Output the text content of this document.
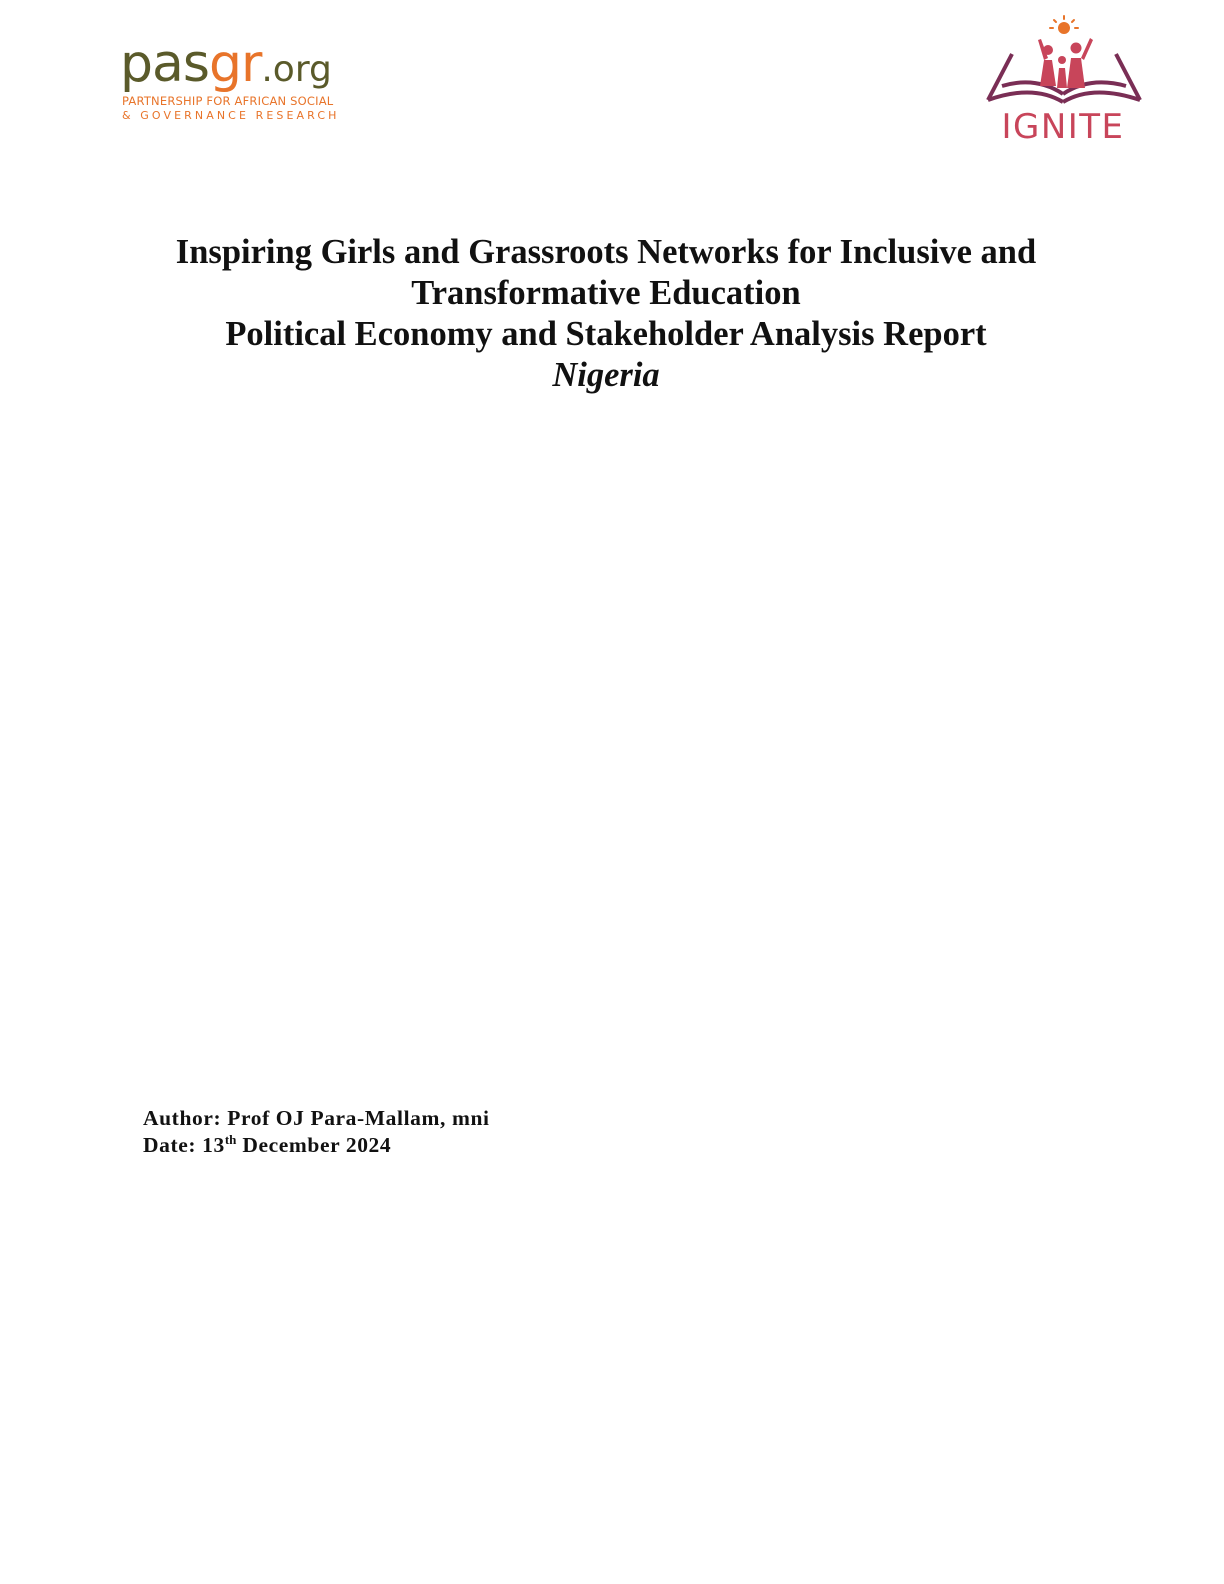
pasgr.org
PARTNERSHIP FOR AFRICAN SOCIAL
& GOVERNANCE RESEARCH	IGNITE
Inspiring Girls and Grassroots Networks for Inclusive and
Transformative Education
Political Economy and Stakeholder Analysis Report
Nigeria
Author: Prof OJ Para-Mallam, mni
Date: 13th December 2024
